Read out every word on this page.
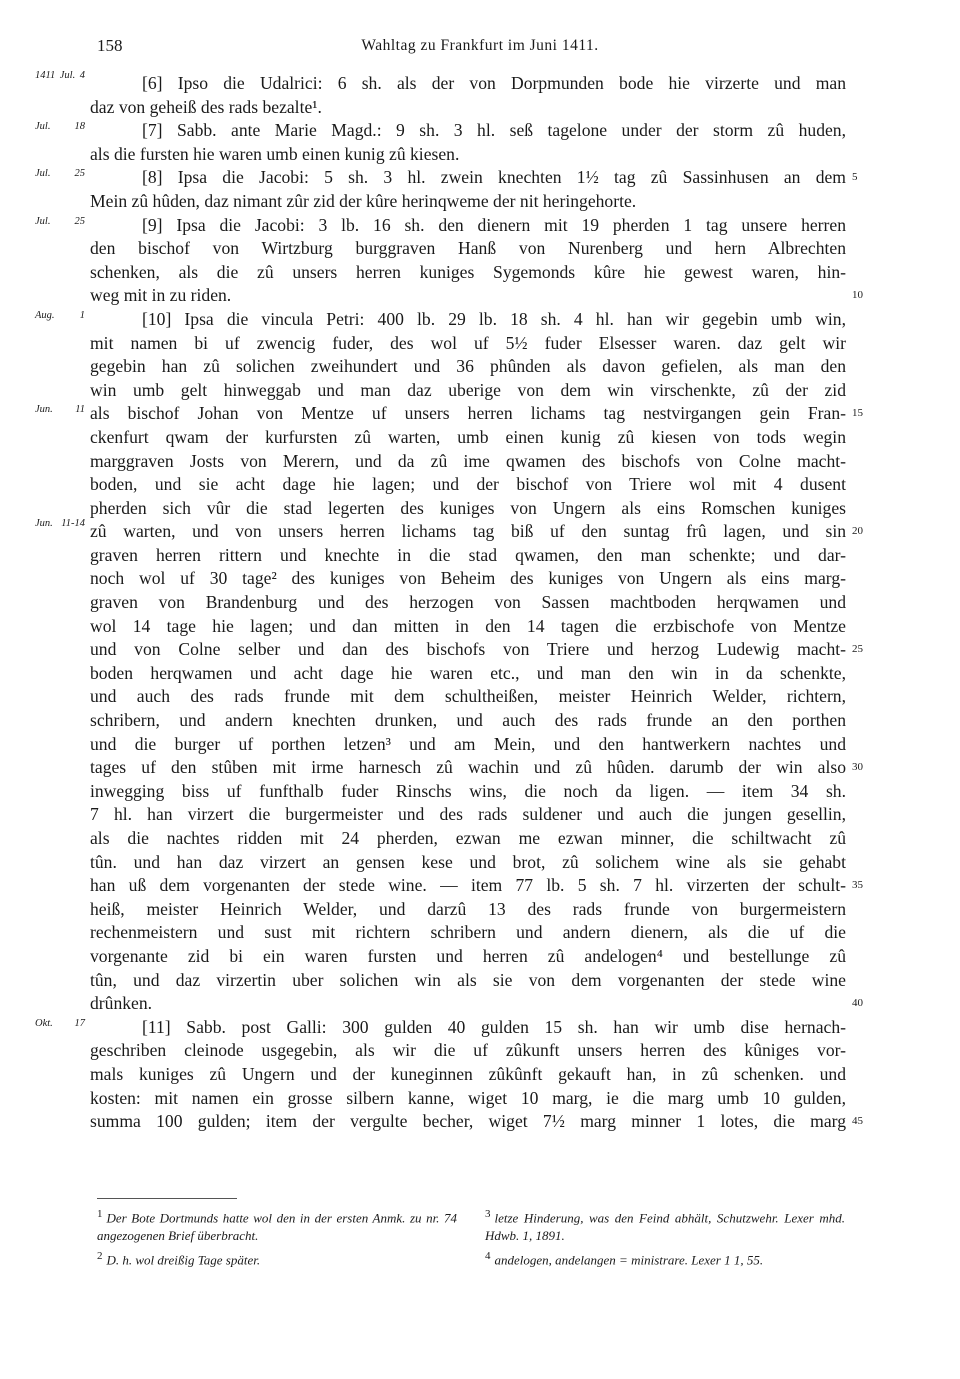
158	Wahltag zu Frankfurt im Juni 1411.
1411 Jul. 4	[6] Ipso die Udalrici: 6 sh. als der von Dorpmunden bode hie virzerte und man
daz von geheiß des rads bezalte¹.
Jul. 18	[7] Sabb. ante Marie Magd.: 9 sh. 3 hl. seß tagelone under der storm zû huden,
als die fursten hie waren umb einen kunig zû kiesen.
Jul. 25	5
[8] Ipsa die Jacobi: 5 sh. 3 hl. zwein knechten 1½ tag zû Sassinhusen an dem
Mein zû hûden, daz nimant zûr zid der kûre herinqweme der nit heringehorte.
Jul. 25	[9] Ipsa die Jacobi: 3 lb. 16 sh. den dienern mit 19 pherden 1 tag unsere herren
den bischof von Wirtzburg burggraven Hanß von Nurenberg und hern Albrechten
schenken, als die zû unsers herren kuniges Sygemonds kûre hie gewest waren, hin-
10
weg mit in zu riden.
Aug. 1	[10] Ipsa die vincula Petri: 400 lb. 29 lb. 18 sh. 4 hl. han wir gegebin umb win,
mit namen bi uf zwencig fuder, des wol uf 5½ fuder Elsesser waren. daz gelt wir
gegebin han zû solichen zweihundert und 36 phûnden als davon gefielen, als man den
win umb gelt hinweggab und man daz uberige von dem win virschenkte, zû der zid
Jun. 11	15
als bischof Johan von Mentze uf unsers herren lichams tag nestvirgangen gein Fran-
ckenfurt qwam der kurfursten zû warten, umb einen kunig zû kiesen von tods wegin
marggraven Josts von Merern, und da zû ime qwamen des bischofs von Colne macht-
boden, und sie acht dage hie lagen; und der bischof von Triere wol mit 4 dusent
pherden sich vûr die stad legerten des kuniges von Ungern als eins Romschen kuniges
Jun. 11-14
20
zû warten, und von unsers herren lichams tag biß uf den suntag frû lagen, und sin
graven herren rittern und knechte in die stad qwamen, den man schenkte; und dar-
noch wol uf 30 tage² des kuniges von Beheim des kuniges von Ungern als eins marg-
graven von Brandenburg und des herzogen von Sassen machtboden herqwamen und
wol 14 tage hie lagen; und dan mitten in den 14 tagen die erzbischofe von Mentze
25
und von Colne selber und dan des bischofs von Triere und herzog Ludewig macht-
boden herqwamen und acht dage hie waren etc., und man den win in da schenkte,
und auch des rads frunde mit dem schultheißen, meister Heinrich Welder, richtern,
schribern, und andern knechten drunken, und auch des rads frunde an den porthen
und die burger uf porthen letzen³ und am Mein, und den hantwerkern nachtes und
30
tages uf den stûben mit irme harnesch zû wachin und zû hûden. darumb der win also
inwegging biss uf funfthalb fuder Rinschs wins, die noch da ligen. — item 34 sh.
7 hl. han virzert die burgermeister und des rads suldener und auch die jungen gesellin,
als die nachtes ridden mit 24 pherden, ezwan me ezwan minner, die schiltwacht zû
tûn. und han daz virzert an gensen kese und brot, zû solichem wine als sie gehabt
35
han uß dem vorgenanten der stede wine. — item 77 lb. 5 sh. 7 hl. virzerten der schult-
heiß, meister Heinrich Welder, und darzû 13 des rads frunde von burgermeistern
rechenmeistern und sust mit richtern schribern und andern dienern, als die uf die
vorgenante zid bi ein waren fursten und herren zû andelogen⁴ und bestellunge zû
tûn, und daz virzertin uber solichen win als sie von dem vorgenanten der stede wine
40
drûnken.
Okt. 17	[11] Sabb. post Galli: 300 gulden 40 gulden 15 sh. han wir umb dise hernach-
geschriben cleinode usgegebin, als wir die uf zûkunft unsers herren des kûniges vor-
mals kuniges zû Ungern und der kuneginnen zûkûnft gekauft han, in zû schenken. und
kosten: mit namen ein grosse silbern kanne, wiget 10 marg, ie die marg umb 10 gulden,
45
summa 100 gulden; item der vergulte becher, wiget 7½ marg minner 1 lotes, die marg
$^1$ Der Bote Dortmunds hatte wol den in der ersten Anmk. zu nr. 74 angezogenen Brief überbracht.
$^2$ D. h. wol dreißig Tage später.
$^3$ letze Hinderung, was den Feind abhält, Schutzwehr. Lexer mhd. Hdwb. 1, 1891.
$^4$ andelogen, andelangen = ministrare. Lexer 1 1, 55.
